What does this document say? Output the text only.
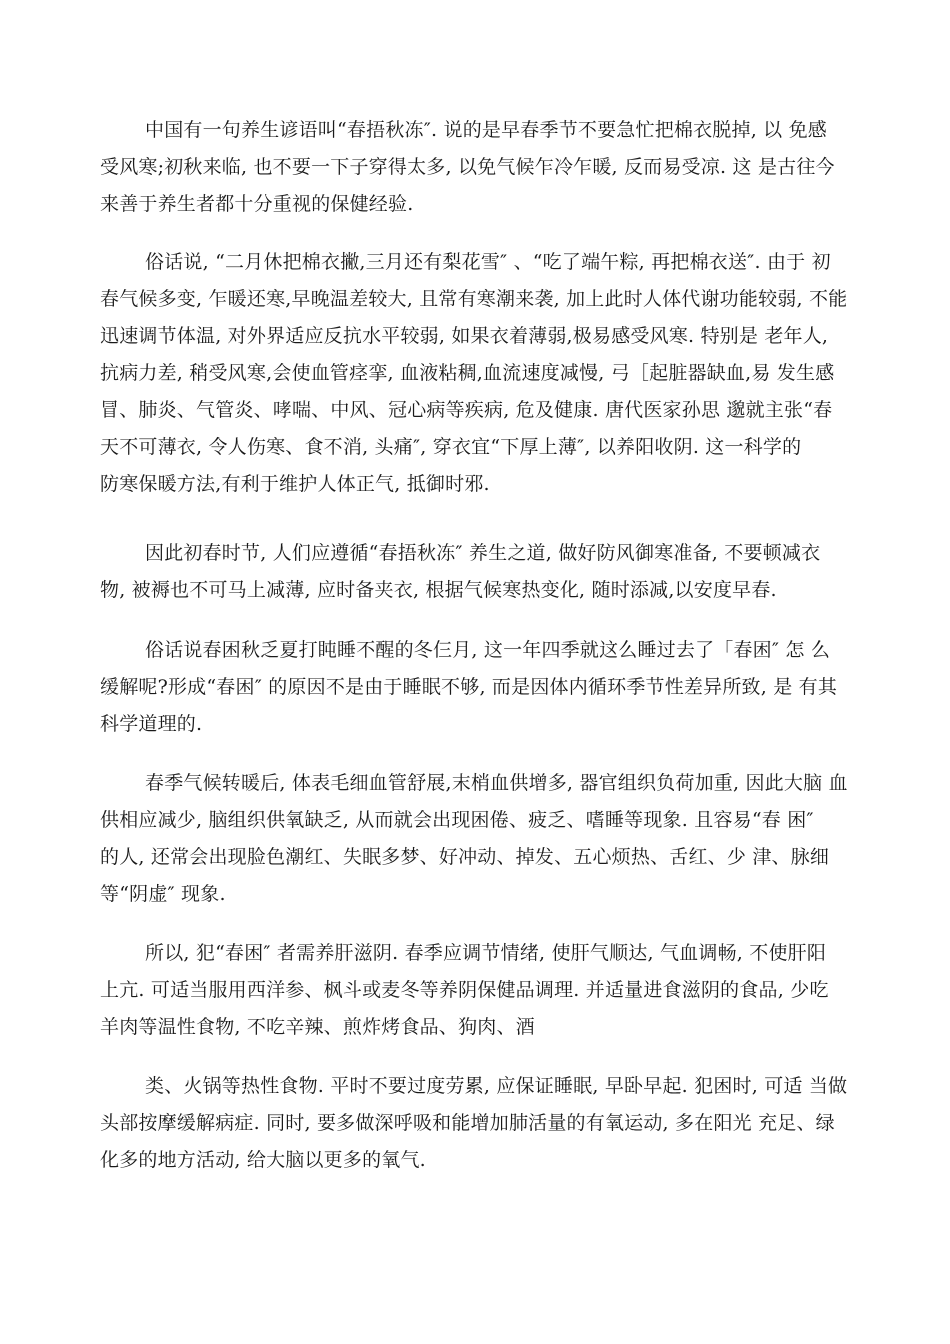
中国有一句养生谚语叫“春捂秋冻″. 说的是早春季节不要急忙把棉衣脱掉, 以 免感
受风寒;初秋来临, 也不要一下子穿得太多, 以免气候乍冷乍暖, 反而易受凉. 这 是古往今
来善于养生者都十分重视的保健经验.

俗话说, “二月休把棉衣撇,三月还有梨花雪″ 、“吃了端午粽, 再把棉衣送″. 由于 初
春气候多变, 乍暖还寒,早晚温差较大, 且常有寒潮来袭, 加上此时人体代谢功能较弱, 不能
迅速调节体温, 对外界适应反抗水平较弱, 如果衣着薄弱,极易感受风寒. 特别是 老年人,
抗病力差, 稍受风寒,会使血管痉挛, 血液粘稠,血流速度减慢, 弓［起脏器缺血,易 发生感
冒、肺炎、气管炎、哮喘、中风、冠心病等疾病, 危及健康. 唐代医家孙思 邈就主张“春
天不可薄衣, 令人伤寒、食不消, 头痛″, 穿衣宜“下厚上薄″, 以养阳收阴. 这一科学的
防寒保暖方法,有利于维护人体正气, 抵御时邪.

因此初春时节, 人们应遵循“春捂秋冻″ 养生之道, 做好防风御寒准备, 不要顿减衣
物, 被褥也不可马上减薄, 应时备夹衣, 根据气候寒热变化, 随时添减,以安度早春.

俗话说春困秋乏夏打盹睡不醒的冬仨月, 这一年四季就这么睡过去了「春困″ 怎 么
缓解呢?形成“春困″ 的原因不是由于睡眠不够, 而是因体内循环季节性差异所致, 是 有其
科学道理的.

春季气候转暖后, 体表毛细血管舒展,末梢血供增多, 器官组织负荷加重, 因此大脑 血
供相应减少, 脑组织供氧缺乏, 从而就会出现困倦、疲乏、嗜睡等现象. 且容易“春 困″
的人, 还常会出现脸色潮红、失眠多梦、好冲动、掉发、五心烦热、舌红、少 津、脉细
等“阴虚″ 现象.

所以, 犯“春困″ 者需养肝滋阴. 春季应调节情绪, 使肝气顺达, 气血调畅, 不使肝阳
上亢. 可适当服用西洋参、枫斗或麦冬等养阴保健品调理. 并适量进食滋阴的食品, 少吃
羊肉等温性食物, 不吃辛辣、煎炸烤食品、狗肉、酒

类、火锅等热性食物. 平时不要过度劳累, 应保证睡眠, 早卧早起. 犯困时, 可适 当做
头部按摩缓解病症. 同时, 要多做深呼吸和能增加肺活量的有氧运动, 多在阳光 充足、绿
化多的地方活动, 给大脑以更多的氧气.
